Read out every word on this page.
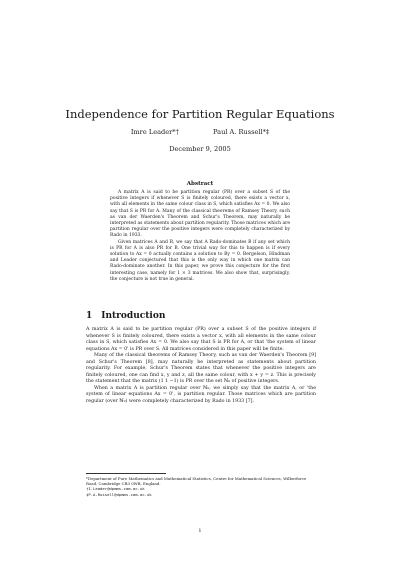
Independence for Partition Regular Equations
Imre Leader*†	Paul A. Russell*‡
December 9, 2005
Abstract

A matrix A is said to be partition regular (PR) over a subset S of the positive integers if whenever S is finitely coloured, there exists a vector x, with all elements in the same colour class in S, which satisfies Ax = 0. We also say that S is PR for A. Many of the classical theorems of Ramsey Theory, such as van der Waerden's Theorem and Schur's Theorem, may naturally be interpreted as statements about partition regularity. Those matrices which are partition regular over the positive integers were completely characterized by Rado in 1933.

Given matrices A and B, we say that A Rado-dominates B if any set which is PR for A is also PR for B. One trivial way for this to happen is if every solution to Ax = 0 actually contains a solution to By = 0. Bergelson, Hindman and Leader conjectured that this is the only way in which one matrix can Rado-dominate another. In this paper, we prove this conjecture for the first interesting case, namely for 1 × 3 matrices. We also show that, surprisingly, the conjecture is not true in general.

1 Introduction

A matrix A is said to be partition regular (PR) over a subset S of the positive integers if whenever S is finitely coloured, there exists a vector x, with all elements in the same colour class in S, which satisfies Ax = 0. We also say that S is PR for A, or that 'the system of linear equations Ax = 0' is PR over S. All matrices considered in this paper will be finite.

Many of the classical theorems of Ramsey Theory, such as van der Waerden's Theorem [9] and Schur's Theorem [8], may naturally be interpreted as statements about partition regularity. For example, Schur's Theorem states that whenever the positive integers are finitely coloured, one can find x, y and z, all the same colour, with x + y = z. This is precisely the statement that the matrix (1 1 −1) is PR over the set ℕ₀ of positive integers.

When a matrix A is partition regular over ℕ₀, we simply say that the matrix A, or 'the system of linear equations Ax = 0', is partition regular. Those matrices which are partition regular (over ℕ₀) were completely characterized by Rado in 1933 [7].

*Department of Pure Mathematics and Mathematical Statistics, Centre for Mathematical Sciences, Wilberforce Road, Cambridge CB3 0WB, England.
†I.Leader@dpmms.cam.ac.uk
‡P.A.Russell@dpmms.cam.ac.uk
1
